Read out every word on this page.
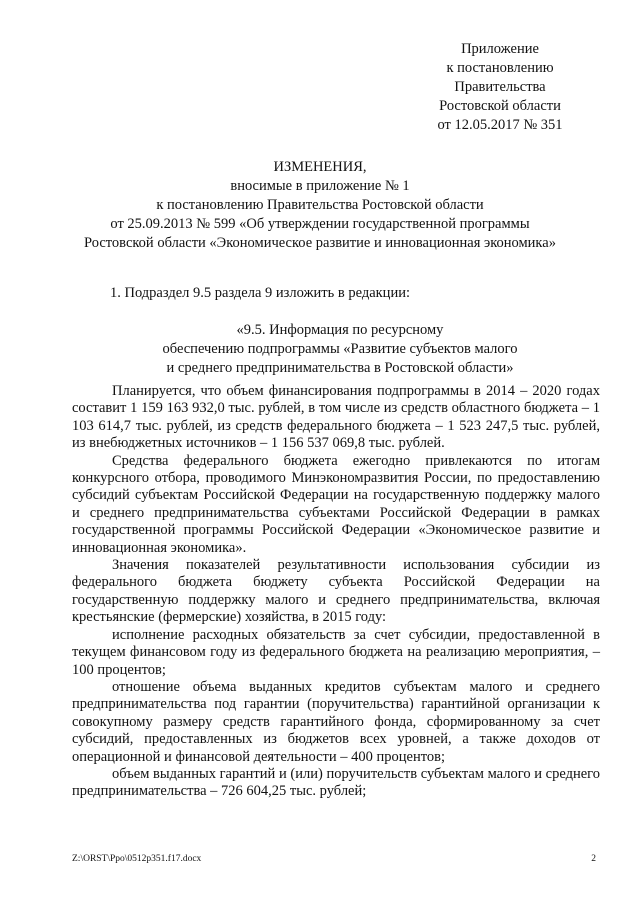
Приложение
к постановлению
Правительства
Ростовской области
от 12.05.2017 № 351
ИЗМЕНЕНИЯ,
вносимые в приложение № 1
к постановлению Правительства Ростовской области
от 25.09.2013 № 599 «Об утверждении государственной программы
Ростовской области «Экономическое развитие и инновационная экономика»
1. Подраздел 9.5 раздела 9 изложить в редакции:
«9.5. Информация по ресурсному
обеспечению подпрограммы «Развитие субъектов малого
и среднего предпринимательства в Ростовской области»

Планируется, что объем финансирования подпрограммы в 2014 – 2020 годах составит 1 159 163 932,0 тыс. рублей, в том числе из средств областного бюджета – 1 103 614,7 тыс. рублей, из средств федерального бюджета – 1 523 247,5 тыс. рублей, из внебюджетных источников – 1 156 537 069,8 тыс. рублей.

Средства федерального бюджета ежегодно привлекаются по итогам конкурсного отбора, проводимого Минэкономразвития России, по предоставлению субсидий субъектам Российской Федерации на государственную поддержку малого и среднего предпринимательства субъектами Российской Федерации в рамках государственной программы Российской Федерации «Экономическое развитие и инновационная экономика».

Значения показателей результативности использования субсидии из федерального бюджета бюджету субъекта Российской Федерации на государственную поддержку малого и среднего предпринимательства, включая крестьянские (фермерские) хозяйства, в 2015 году:

исполнение расходных обязательств за счет субсидии, предоставленной в текущем финансовом году из федерального бюджета на реализацию мероприятия, – 100 процентов;

отношение объема выданных кредитов субъектам малого и среднего предпринимательства под гарантии (поручительства) гарантийной организации к совокупному размеру средств гарантийного фонда, сформированному за счет субсидий, предоставленных из бюджетов всех уровней, а также доходов от операционной и финансовой деятельности – 400 процентов;

объем выданных гарантий и (или) поручительств субъектам малого и среднего предпринимательства – 726 604,25 тыс. рублей;

Z:\ORST\Ppo\0512p351.f17.docx	2
